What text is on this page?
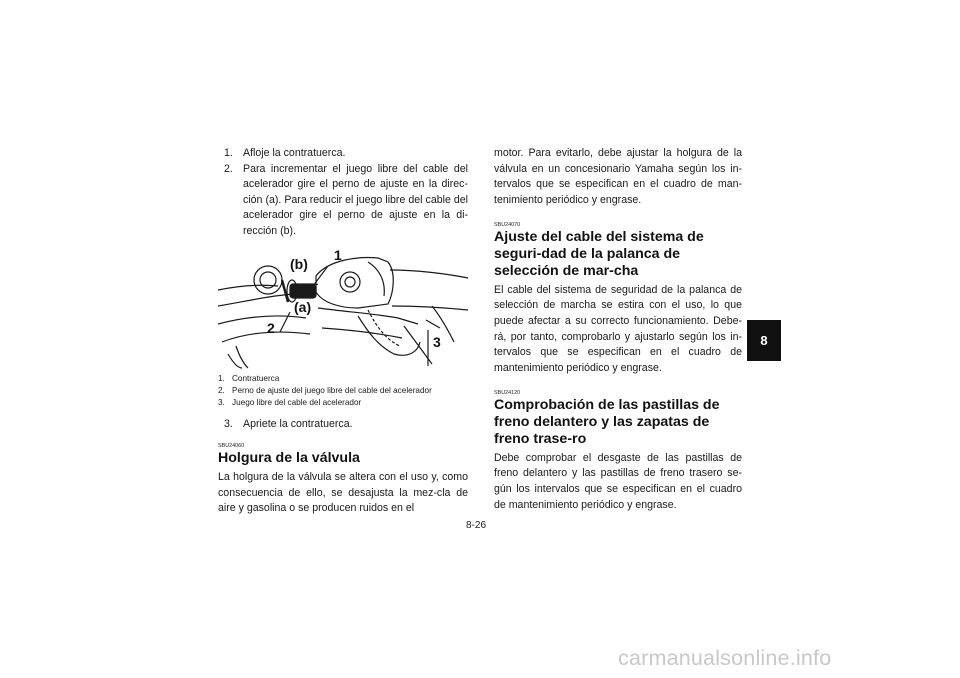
1. Afloje la contratuerca.
2. Para incrementar el juego libre del cable del acelerador gire el perno de ajuste en la direc-ción (a). Para reducir el juego libre del cable del acelerador gire el perno de ajuste en la di-rección (b).
1
(b)
(a)
2
3
1. Contratuerca
2. Perno de ajuste del juego libre del cable del acelerador
3. Juego libre del cable del acelerador
3. Apriete la contratuerca.
SBU24060
Holgura de la válvula

La holgura de la válvula se altera con el uso y, como consecuencia de ello, se desajusta la mez-cla de aire y gasolina o se producen ruidos en el

motor. Para evitarlo, debe ajustar la holgura de la válvula en un concesionario Yamaha según los in-tervalos que se especifican en el cuadro de man-tenimiento periódico y engrase.

SBU24070
Ajuste del cable del sistema de seguri-dad de la palanca de selección de mar-cha

El cable del sistema de seguridad de la palanca de selección de marcha se estira con el uso, lo que puede afectar a su correcto funcionamiento. Debe-rá, por tanto, comprobarlo y ajustarlo según los in-tervalos que se especifican en el cuadro de mantenimiento periódico y engrase.

SBU24120
Comprobación de las pastillas de freno delantero y las zapatas de freno trase-ro

Debe comprobar el desgaste de las pastillas de freno delantero y las pastillas de freno trasero se-gún los intervalos que se especifican en el cuadro de mantenimiento periódico y engrase.

8-26
8
carmanualsonline.info
